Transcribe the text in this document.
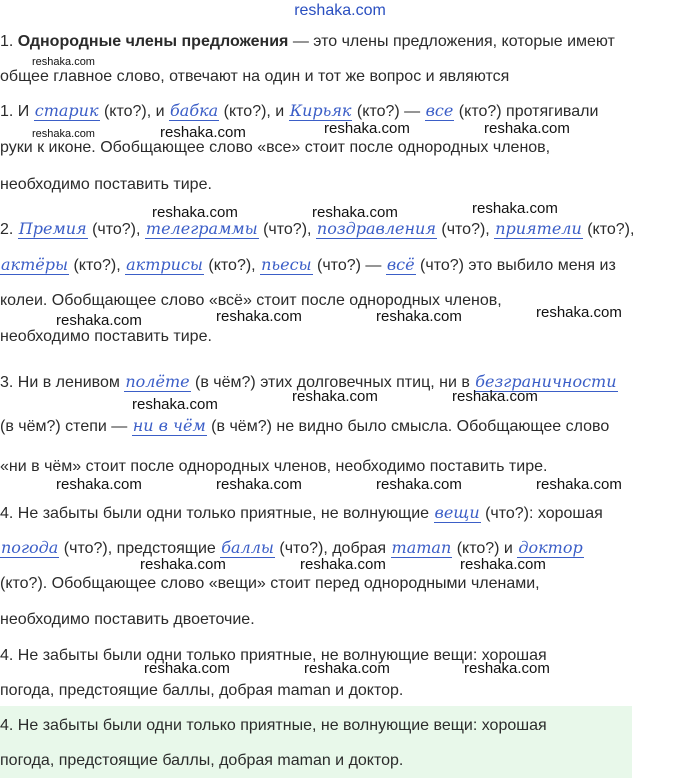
reshaka.com
1. Однородные члены предложения — это члены предложения, которые имеют
общее главное слово, отвечают на один и тот же вопрос и являются
1. И старик (кто?), и бабка (кто?), и Кирьяк (кто?) — все (кто?) протягивали
руки к иконе. Обобщающее слово «все» стоит после однородных членов,
необходимо поставить тире.
2. Премия (что?), телеграммы (что?), поздравления (что?), приятели (кто?),
актёры (кто?), актрисы (кто?), пьесы (что?) — всё (что?) это выбило меня из
колеи. Обобщающее слово «всё» стоит после однородных членов,
необходимо поставить тире.
3. Ни в ленивом полёте (в чём?) этих долговечных птиц, ни в безграничности
(в чём?) степи — ни в чём (в чём?) не видно было смысла. Обобщающее слово
«ни в чём» стоит после однородных членов, необходимо поставить тире.
4. Не забыты были одни только приятные, не волнующие вещи (что?): хорошая
погода (что?), предстоящие баллы (что?), добрая maman (кто?) и доктор
(кто?). Обобщающее слово «вещи» стоит перед однородными членами,
необходимо поставить двоеточие.
4. Не забыты были одни только приятные, не волнующие вещи: хорошая
погода, предстоящие баллы, добрая maman и доктор.
4. Не забыты были одни только приятные, не волнующие вещи: хорошая
погода, предстоящие баллы, добрая maman и доктор.
reshaka.com
reshaka.com	reshaka.com	reshaka.com	reshaka.com
reshaka.com	reshaka.com	reshaka.com
reshaka.com	reshaka.com	reshaka.com	reshaka.com
reshaka.com	reshaka.com	reshaka.com
reshaka.com	reshaka.com	reshaka.com	reshaka.com
reshaka.com	reshaka.com	reshaka.com
reshaka.com	reshaka.com	reshaka.com
